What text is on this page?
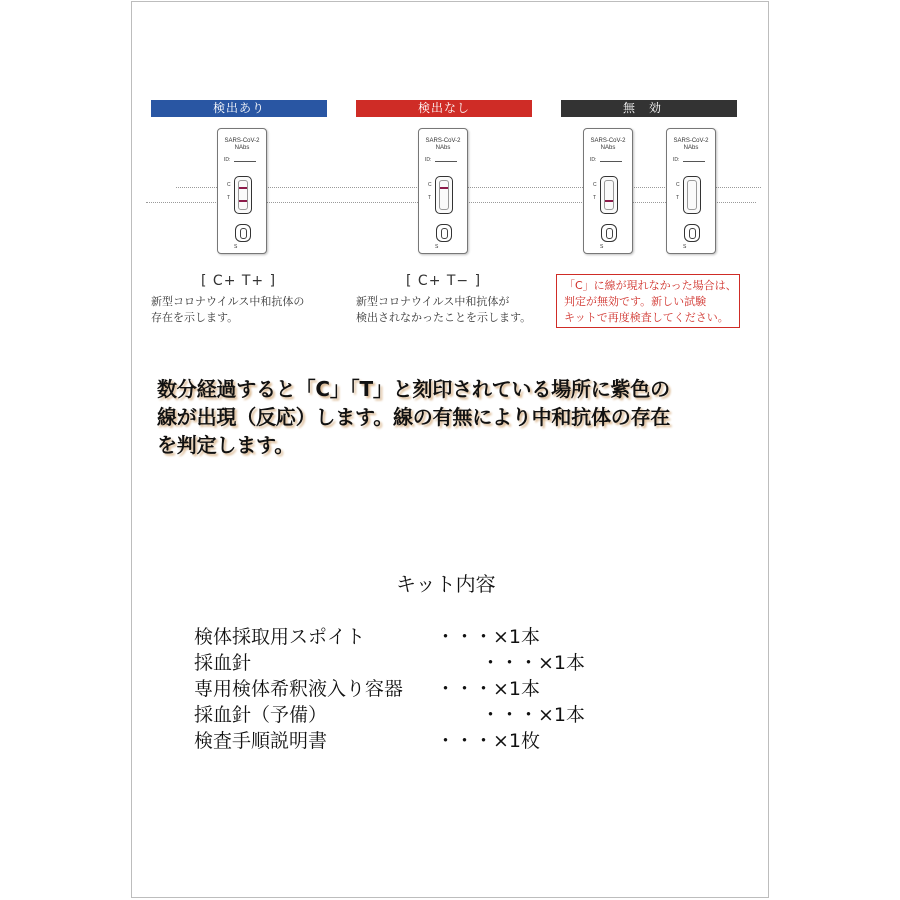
検出あり	検出なし	無効
SARS-CoV-2
NAbs
ID:
C
T
S
SARS-CoV-2
NAbs
ID:
C
T
S
SARS-CoV-2
NAbs
ID:
C
T
S
SARS-CoV-2
NAbs
ID:
C
T
S
[ C+ T+ ]
新型コロナウイルス中和抗体の
存在を示します。
[ C+ T− ]
新型コロナウイルス中和抗体が
検出されなかったことを示します。
「C」に線が現れなかった場合は、
判定が無効です。新しい試験
キットで再度検査してください。
数分経過すると「C」「T」と刻印されている場所に紫色の
線が出現（反応）します。線の有無により中和抗体の存在
を判定します。
キット内容
検体採取用スポイト	・・・×1本
採血針	・・・×1本
専用検体希釈液入り容器 ・・・×1本
採血針（予備）	・・・×1本
検査手順説明書	・・・×1枚
